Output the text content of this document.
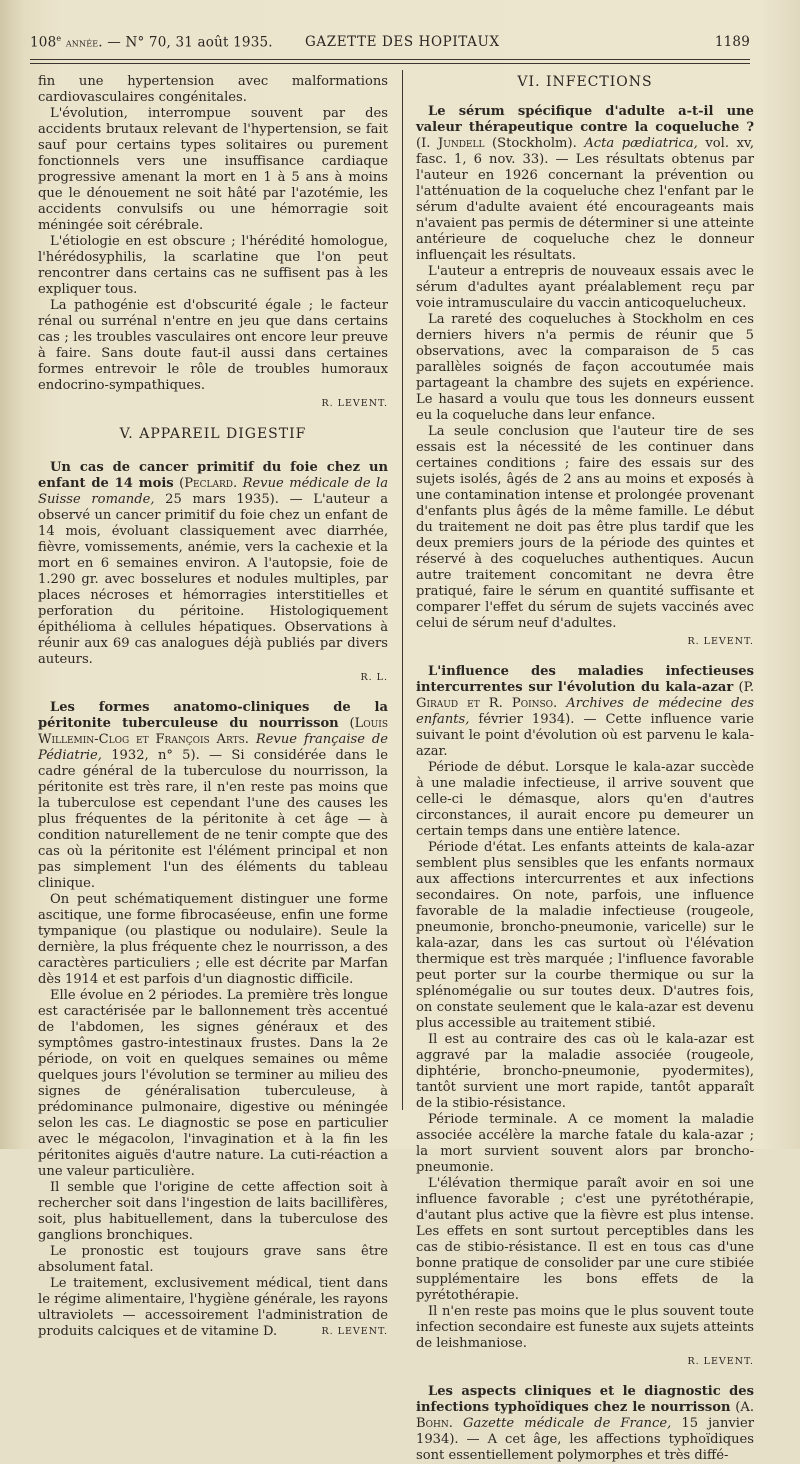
108e année. — N° 70, 31 août 1935. GAZETTE DES HOPITAUX	1189

fin une hypertension avec malformations cardiovasculaires congénitales.

L'évolution, interrompue souvent par des accidents brutaux relevant de l'hypertension, se fait sauf pour certains types solitaires ou purement fonctionnels vers une insuffisance cardiaque progressive amenant la mort en 1 à 5 ans à moins que le dénouement ne soit hâté par l'azotémie, les accidents convulsifs ou une hémorragie soit méningée soit cérébrale.

L'étiologie en est obscure ; l'hérédité homologue, l'hérédosyphilis, la scarlatine que l'on peut rencontrer dans certains cas ne suffisent pas à les expliquer tous.

La pathogénie est d'obscurité égale ; le facteur rénal ou surrénal n'entre en jeu que dans certains cas ; les troubles vasculaires ont encore leur preuve à faire. Sans doute faut-il aussi dans certaines formes entrevoir le rôle de troubles humoraux endocrino-sympathiques.

R. LEVENT.
V. APPAREIL DIGESTIF

Un cas de cancer primitif du foie chez un enfant de 14 mois (Peclard. Revue médicale de la Suisse romande, 25 mars 1935). — L'auteur a observé un cancer primitif du foie chez un enfant de 14 mois, évoluant classiquement avec diarrhée, fièvre, vomissements, anémie, vers la cachexie et la mort en 6 semaines environ. A l'autopsie, foie de 1.290 gr. avec bosselures et nodules multiples, par places nécroses et hémorragies interstitielles et perforation du péritoine. Histologiquement épithélioma à cellules hépatiques. Observations à réunir aux 69 cas analogues déjà publiés par divers auteurs.

R. L.

Les formes anatomo-cliniques de la péritonite tuberculeuse du nourrisson (Louis Willemin-Clog et François Arts. Revue française de Pédiatrie, 1932, n° 5). — Si considérée dans le cadre général de la tuberculose du nourrisson, la péritonite est très rare, il n'en reste pas moins que la tuberculose est cependant l'une des causes les plus fréquentes de la péritonite à cet âge — à condition naturellement de ne tenir compte que des cas où la péritonite est l'élément principal et non pas simplement l'un des éléments du tableau clinique.

On peut schématiquement distinguer une forme ascitique, une forme fibrocaséeuse, enfin une forme tympanique (ou plastique ou nodulaire). Seule la dernière, la plus fréquente chez le nourrisson, a des caractères particuliers ; elle est décrite par Marfan dès 1914 et est parfois d'un diagnostic difficile.

Elle évolue en 2 périodes. La première très longue est caractérisée par le ballonnement très accentué de l'abdomen, les signes généraux et des symptômes gastro-intestinaux frustes. Dans la 2e période, on voit en quelques semaines ou même quelques jours l'évolution se terminer au milieu des signes de généralisation tuberculeuse, à prédominance pulmonaire, digestive ou méningée selon les cas. Le diagnostic se pose en particulier avec le mégacolon, l'invagination et à la fin les péritonites aiguës d'autre nature. La cuti-réaction a une valeur particulière.

Il semble que l'origine de cette affection soit à rechercher soit dans l'ingestion de laits bacillifères, soit, plus habituellement, dans la tuberculose des ganglions bronchiques.

Le pronostic est toujours grave sans être absolument fatal.

Le traitement, exclusivement médical, tient dans le régime alimentaire, l'hygiène générale, les rayons ultraviolets — accessoirement l'administration de produits calciques et de vitamine D.	R. LEVENT.

VI. INFECTIONS

Le sérum spécifique d'adulte a-t-il une valeur thérapeutique contre la coqueluche ? (I. Jundell (Stockholm). Acta pædiatrica, vol. xv, fasc. 1, 6 nov. 33). — Les résultats obtenus par l'auteur en 1926 concernant la prévention ou l'atténuation de la coqueluche chez l'enfant par le sérum d'adulte avaient été encourageants mais n'avaient pas permis de déterminer si une atteinte antérieure de coqueluche chez le donneur influençait les résultats.

L'auteur a entrepris de nouveaux essais avec le sérum d'adultes ayant préalablement reçu par voie intramusculaire du vaccin anticoquelucheux.

La rareté des coqueluches à Stockholm en ces derniers hivers n'a permis de réunir que 5 observations, avec la comparaison de 5 cas parallèles soignés de façon accoutumée mais partageant la chambre des sujets en expérience. Le hasard a voulu que tous les donneurs eussent eu la coqueluche dans leur enfance.

La seule conclusion que l'auteur tire de ses essais est la nécessité de les continuer dans certaines conditions ; faire des essais sur des sujets isolés, âgés de 2 ans au moins et exposés à une contamination intense et prolongée provenant d'enfants plus âgés de la même famille. Le début du traitement ne doit pas être plus tardif que les deux premiers jours de la période des quintes et réservé à des coqueluches authentiques. Aucun autre traitement concomitant ne devra être pratiqué, faire le sérum en quantité suffisante et comparer l'effet du sérum de sujets vaccinés avec celui de sérum neuf d'adultes.

R. LEVENT.

L'influence des maladies infectieuses intercurrentes sur l'évolution du kala-azar (P. Giraud et R. Poinso. Archives de médecine des enfants, février 1934). — Cette influence varie suivant le point d'évolution où est parvenu le kala-azar.

Période de début. Lorsque le kala-azar succède à une maladie infectieuse, il arrive souvent que celle-ci le démasque, alors qu'en d'autres circonstances, il aurait encore pu demeurer un certain temps dans une entière latence.

Période d'état. Les enfants atteints de kala-azar semblent plus sensibles que les enfants normaux aux affections intercurrentes et aux infections secondaires. On note, parfois, une influence favorable de la maladie infectieuse (rougeole, pneumonie, broncho-pneumonie, varicelle) sur le kala-azar, dans les cas surtout où l'élévation thermique est très marquée ; l'influence favorable peut porter sur la courbe thermique ou sur la splénomégalie ou sur toutes deux. D'autres fois, on constate seulement que le kala-azar est devenu plus accessible au traitement stibié.

Il est au contraire des cas où le kala-azar est aggravé par la maladie associée (rougeole, diphtérie, broncho-pneumonie, pyodermites), tantôt survient une mort rapide, tantôt apparaît de la stibio-résistance.

Période terminale. A ce moment la maladie associée accélère la marche fatale du kala-azar ; la mort survient souvent alors par broncho-pneumonie.

L'élévation thermique paraît avoir en soi une influence favorable ; c'est une pyrétothérapie, d'autant plus active que la fièvre est plus intense. Les effets en sont surtout perceptibles dans les cas de stibio-résistance. Il est en tous cas d'une bonne pratique de consolider par une cure stibiée supplémentaire les bons effets de la pyrétothérapie.

Il n'en reste pas moins que le plus souvent toute infection secondaire est funeste aux sujets atteints de leishmaniose.

R. LEVENT.

Les aspects cliniques et le diagnostic des infections typhoïdiques chez le nourrisson (A. Bohn. Gazette médicale de France, 15 janvier 1934). — A cet âge, les affections typhoïdiques sont essentiellement polymorphes et très diffé-
